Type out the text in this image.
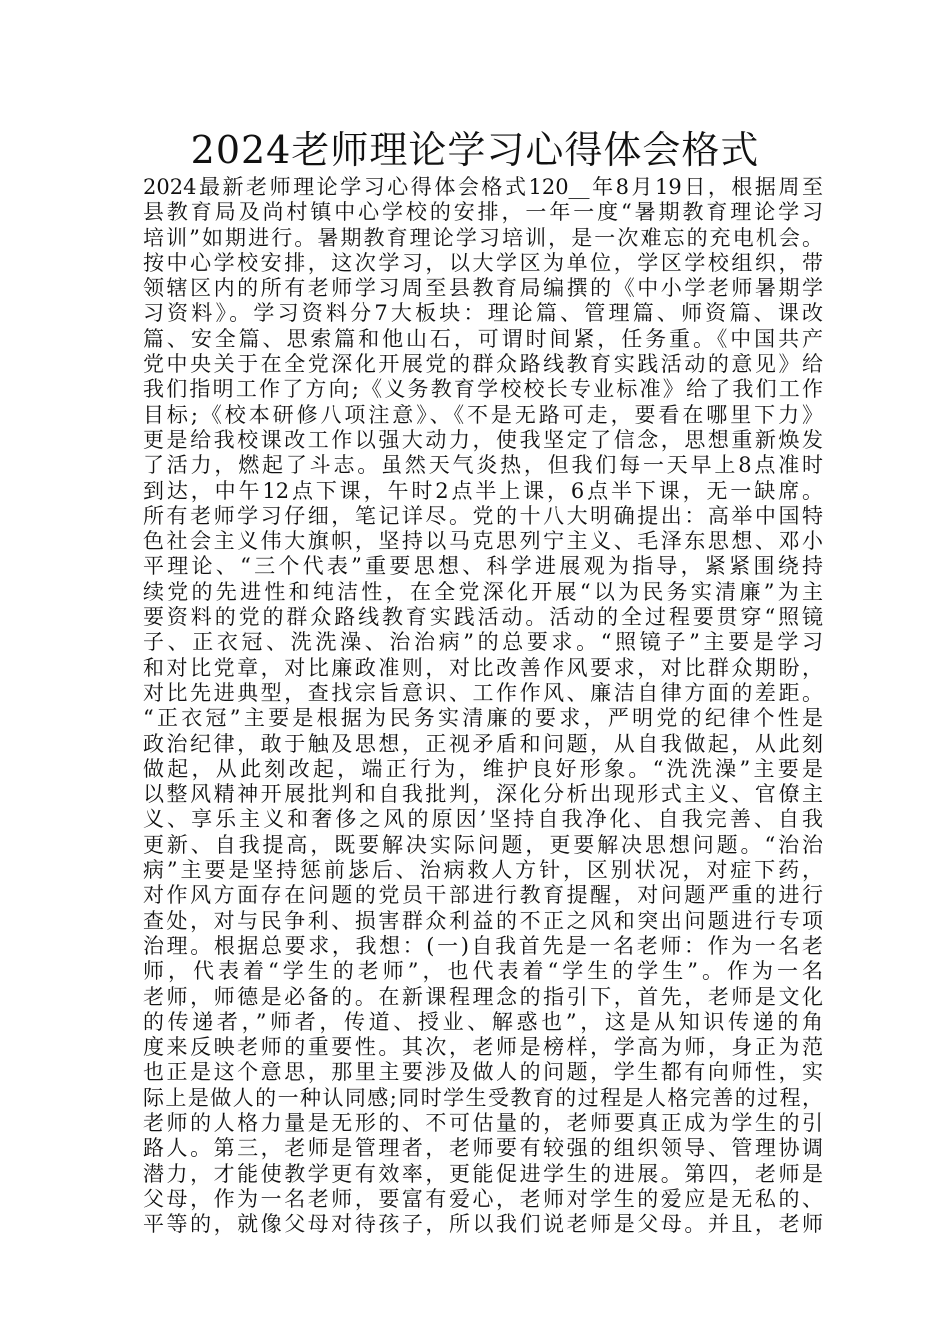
2024老师理论学习心得体会格式
2024最新老师理论学习心得体会格式120__年8月19日，根据周至
县教育局及尚村镇中心学校的安排，一年一度“暑期教育理论学习
培训”如期进行。暑期教育理论学习培训，是一次难忘的充电机会。
按中心学校安排，这次学习，以大学区为单位，学区学校组织，带
领辖区内的所有老师学习周至县教育局编撰的《中小学老师暑期学
习资料》。学习资料分7大板块：理论篇、管理篇、师资篇、课改
篇、安全篇、思索篇和他山石，可谓时间紧，任务重。《中国共产
党中央关于在全党深化开展党的群众路线教育实践活动的意见》给
我们指明工作了方向;《义务教育学校校长专业标准》给了我们工作
目标;《校本研修八项注意》、《不是无路可走，要看在哪里下力》
更是给我校课改工作以强大动力，使我坚定了信念，思想重新焕发
了活力，燃起了斗志。虽然天气炎热，但我们每一天早上8点准时
到达，中午12点下课，午时2点半上课，6点半下课，无一缺席。
所有老师学习仔细，笔记详尽。党的十八大明确提出：高举中国特
色社会主义伟大旗帜，坚持以马克思列宁主义、毛泽东思想、邓小
平理论、“三个代表”重要思想、科学进展观为指导，紧紧围绕持
续党的先进性和纯洁性，在全党深化开展“以为民务实清廉”为主
要资料的党的群众路线教育实践活动。活动的全过程要贯穿“照镜
子、正衣冠、洗洗澡、治治病”的总要求。“照镜子”主要是学习
和对比党章，对比廉政准则，对比改善作风要求，对比群众期盼，
对比先进典型，查找宗旨意识、工作作风、廉洁自律方面的差距。
“正衣冠”主要是根据为民务实清廉的要求，严明党的纪律个性是
政治纪律，敢于触及思想，正视矛盾和问题，从自我做起，从此刻
做起，从此刻改起，端正行为，维护良好形象。“洗洗澡”主要是
以整风精神开展批判和自我批判，深化分析出现形式主义、官僚主
义、享乐主义和奢侈之风的原因’坚持自我净化、自我完善、自我
更新、自我提高，既要解决实际问题，更要解决思想问题。“治治
病”主要是坚持惩前毖后、治病救人方针，区别状况，对症下药，
对作风方面存在问题的党员干部进行教育提醒，对问题严重的进行
查处，对与民争利、损害群众利益的不正之风和突出问题进行专项
治理。根据总要求，我想：(一)自我首先是一名老师：作为一名老
师，代表着“学生的老师”，也代表着“学生的学生”。作为一名
老师，师德是必备的。在新课程理念的指引下，首先，老师是文化
的传递者，”师者，传道、授业、解惑也”，这是从知识传递的角
度来反映老师的重要性。其次，老师是榜样，学高为师，身正为范
也正是这个意思，那里主要涉及做人的问题，学生都有向师性，实
际上是做人的一种认同感;同时学生受教育的过程是人格完善的过程，
老师的人格力量是无形的、不可估量的，老师要真正成为学生的引
路人。第三，老师是管理者，老师要有较强的组织领导、管理协调
潜力，才能使教学更有效率，更能促进学生的进展。第四，老师是
父母，作为一名老师，要富有爱心，老师对学生的爱应是无私的、
平等的，就像父母对待孩子，所以我们说老师是父母。并且，老师
